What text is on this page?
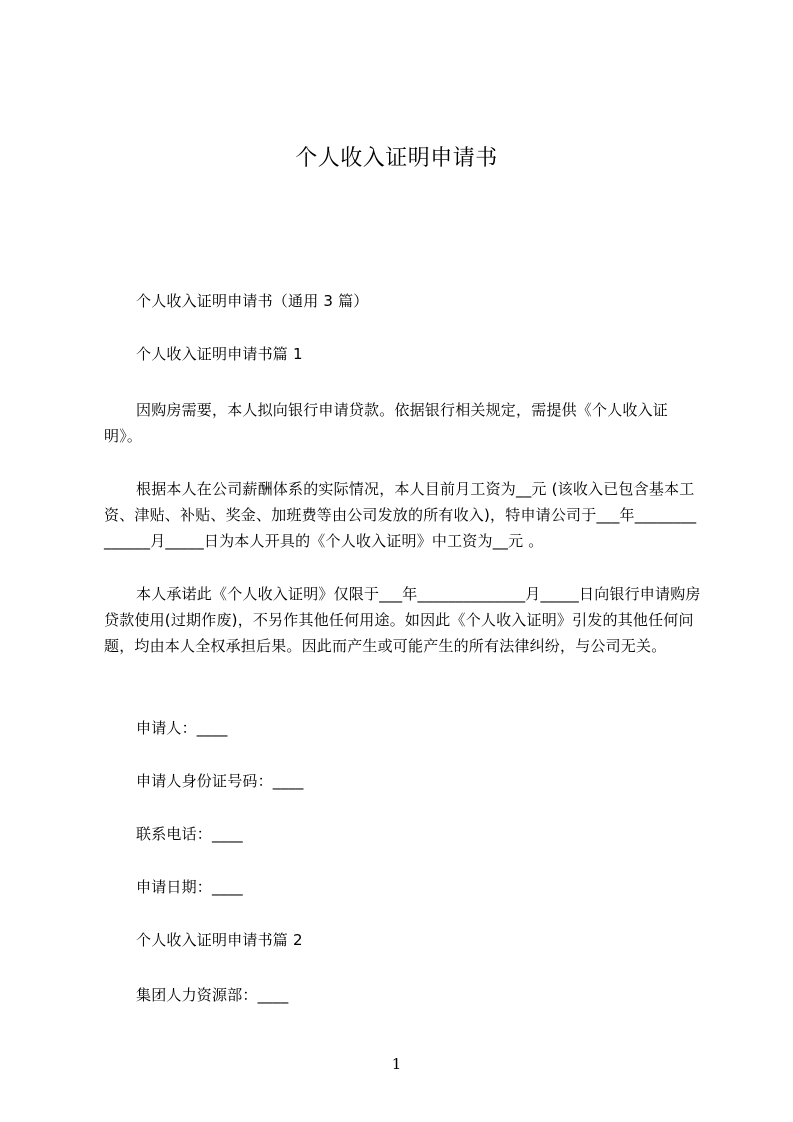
个人收入证明申请书
个人收入证明申请书（通用 3 篇）
个人收入证明申请书篇 1

因购房需要，本人拟向银行申请贷款。依据银行相关规定，需提供《个人收入证明》。

根据本人在公司薪酬体系的实际情况，本人目前月工资为__元 (该收入已包含基本工资、津贴、补贴、奖金、加班费等由公司发放的所有收入)，特申请公司于___年______________月_____日为本人开具的《个人收入证明》中工资为__元 。

本人承诺此《个人收入证明》仅限于___年______________月_____日向银行申请购房贷款使用(过期作废)，不另作其他任何用途。如因此《个人收入证明》引发的其他任何问题，均由本人全权承担后果。因此而产生或可能产生的所有法律纠纷，与公司无关。

申请人：____
申请人身份证号码：____
联系电话：____
申请日期：____
个人收入证明申请书篇 2
集团人力资源部：____
1
